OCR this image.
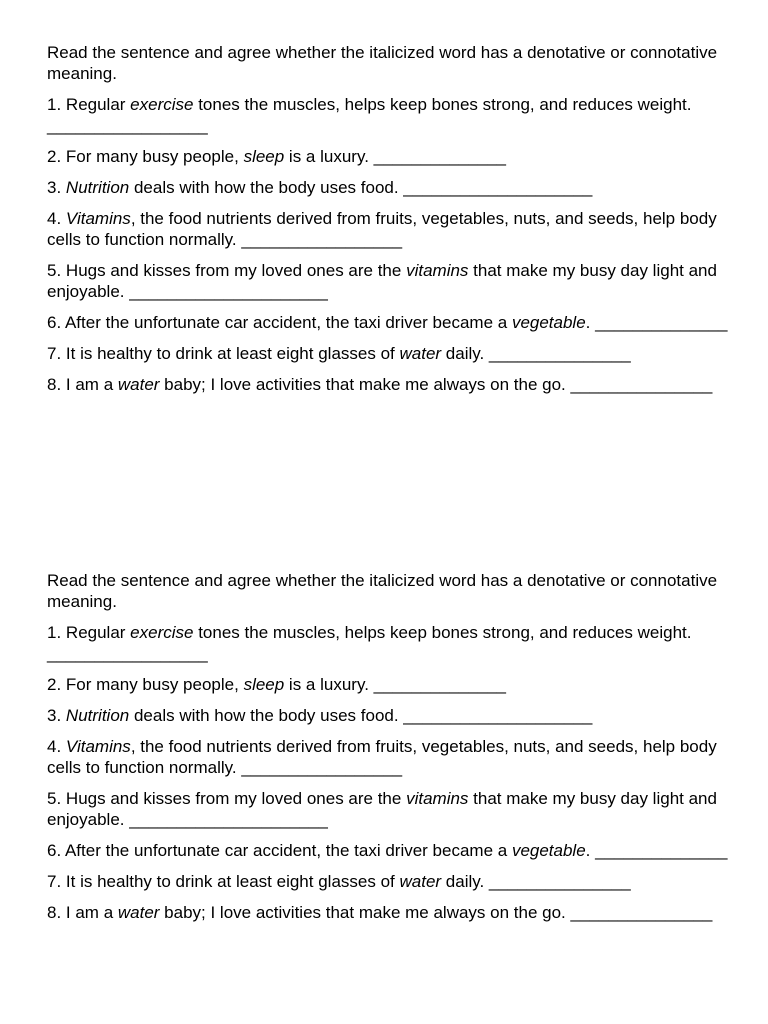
Read the sentence and agree whether the italicized word has a denotative or connotative meaning.

1. Regular exercise tones the muscles, helps keep bones strong, and reduces weight. _________________

2. For many busy people, sleep is a luxury. ______________

3. Nutrition deals with how the body uses food. ____________________

4. Vitamins, the food nutrients derived from fruits, vegetables, nuts, and seeds, help body cells to function normally. _________________

5. Hugs and kisses from my loved ones are the vitamins that make my busy day light and enjoyable. _____________________

6. After the unfortunate car accident, the taxi driver became a vegetable. ______________

7. It is healthy to drink at least eight glasses of water daily. _______________

8. I am a water baby; I love activities that make me always on the go. _______________

Read the sentence and agree whether the italicized word has a denotative or connotative meaning.

1. Regular exercise tones the muscles, helps keep bones strong, and reduces weight. _________________

2. For many busy people, sleep is a luxury. ______________

3. Nutrition deals with how the body uses food. ____________________

4. Vitamins, the food nutrients derived from fruits, vegetables, nuts, and seeds, help body cells to function normally. _________________

5. Hugs and kisses from my loved ones are the vitamins that make my busy day light and enjoyable. _____________________

6. After the unfortunate car accident, the taxi driver became a vegetable. ______________

7. It is healthy to drink at least eight glasses of water daily. _______________

8. I am a water baby; I love activities that make me always on the go. _______________
